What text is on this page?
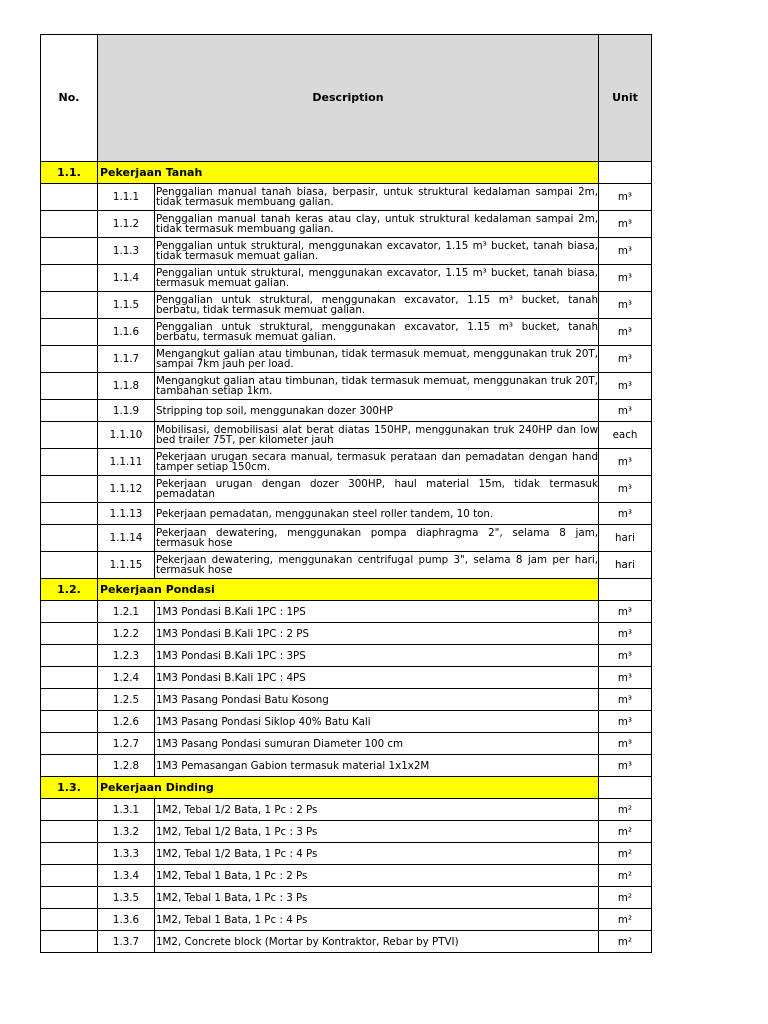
No.	Description		Unit
1.1.	Pekerjaan Tanah		
	1.1.1	Penggalian manual tanah biasa, berpasir, untuk struktural kedalaman sampai 2m, tidak termasuk membuang galian.	m³
	1.1.2	Penggalian manual tanah keras atau clay, untuk struktural kedalaman sampai 2m, tidak termasuk membuang galian.	m³
	1.1.3	Penggalian untuk struktural, menggunakan excavator, 1.15 m³ bucket, tanah biasa, tidak termasuk memuat galian.	m³
	1.1.4	Penggalian untuk struktural, menggunakan excavator, 1.15 m³ bucket, tanah biasa, termasuk memuat galian.	m³
	1.1.5	Penggalian untuk struktural, menggunakan excavator, 1.15 m³ bucket, tanah berbatu, tidak termasuk memuat galian.	m³
	1.1.6	Penggalian untuk struktural, menggunakan excavator, 1.15 m³ bucket, tanah berbatu, termasuk memuat galian.	m³
	1.1.7	Mengangkut galian atau timbunan, tidak termasuk memuat, menggunakan truk 20T, sampai 7km jauh per load.	m³
	1.1.8	Mengangkut galian atau timbunan, tidak termasuk memuat, menggunakan truk 20T, tambahan setiap 1km.	m³
	1.1.9	Stripping top soil, menggunakan dozer 300HP	m³
	1.1.10	Mobilisasi, demobilisasi alat berat diatas 150HP, menggunakan truk 240HP dan low bed trailer 75T, per kilometer jauh	each
	1.1.11	Pekerjaan urugan secara manual, termasuk perataan dan pemadatan dengan hand tamper setiap 150cm.	m³
	1.1.12	Pekerjaan urugan dengan dozer 300HP, haul material 15m, tidak termasuk pemadatan	m³
	1.1.13	Pekerjaan pemadatan, menggunakan steel roller tandem, 10 ton.	m³
	1.1.14	Pekerjaan dewatering, menggunakan pompa diaphragma 2", selama 8 jam, termasuk hose	hari
	1.1.15	Pekerjaan dewatering, menggunakan centrifugal pump 3", selama 8 jam per hari, termasuk hose	hari
1.2.	Pekerjaan Pondasi		
	1.2.1	1M3 Pondasi B.Kali 1PC : 1PS	m³
	1.2.2	1M3 Pondasi B.Kali 1PC : 2 PS	m³
	1.2.3	1M3 Pondasi B.Kali 1PC : 3PS	m³
	1.2.4	1M3 Pondasi B.Kali 1PC : 4PS	m³
	1.2.5	1M3 Pasang Pondasi Batu Kosong	m³
	1.2.6	1M3 Pasang Pondasi Siklop 40% Batu Kali	m³
	1.2.7	1M3 Pasang Pondasi sumuran Diameter 100 cm	m³
	1.2.8	1M3 Pemasangan Gabion termasuk material 1x1x2M	m³
1.3.	Pekerjaan Dinding		
	1.3.1	1M2, Tebal 1/2 Bata, 1 Pc : 2 Ps	m²
	1.3.2	1M2, Tebal 1/2 Bata, 1 Pc : 3 Ps	m²
	1.3.3	1M2, Tebal 1/2 Bata, 1 Pc : 4 Ps	m²
	1.3.4	1M2, Tebal 1 Bata, 1 Pc : 2 Ps	m²
	1.3.5	1M2, Tebal 1 Bata, 1 Pc : 3 Ps	m²
	1.3.6	1M2, Tebal 1 Bata, 1 Pc : 4 Ps	m²
	1.3.7	1M2, Concrete block (Mortar by Kontraktor, Rebar by PTVI)	m²
